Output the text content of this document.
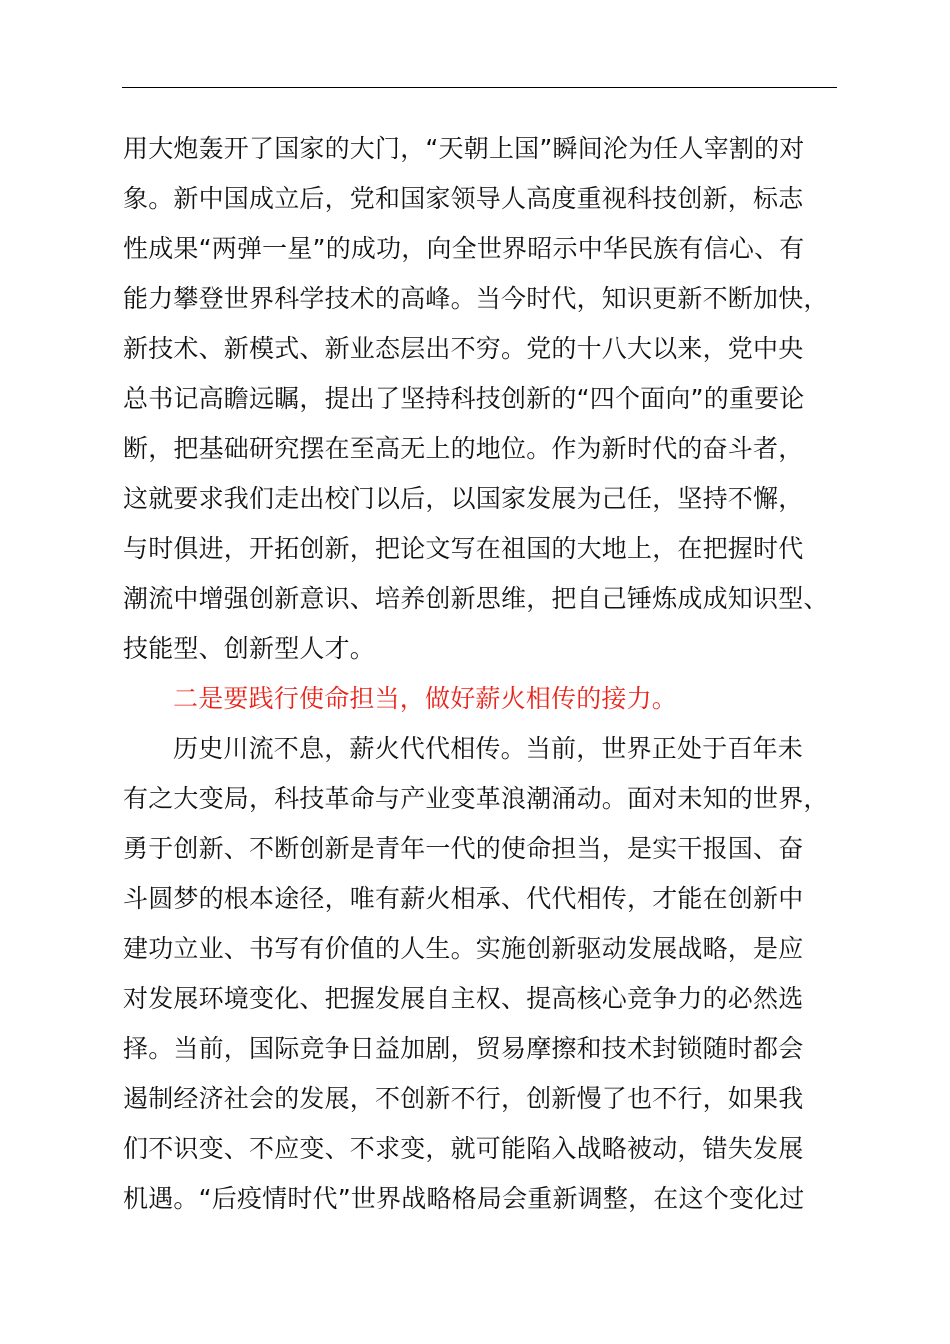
用大炮轰开了国家的大门，“天朝上国”瞬间沦为任人宰割的对
象。新中国成立后，党和国家领导人高度重视科技创新，标志
性成果“两弹一星”的成功，向全世界昭示中华民族有信心、有
能力攀登世界科学技术的高峰。当今时代，知识更新不断加快，
新技术、新模式、新业态层出不穷。党的十八大以来，党中央
总书记高瞻远瞩，提出了坚持科技创新的“四个面向”的重要论
断，把基础研究摆在至高无上的地位。作为新时代的奋斗者，
这就要求我们走出校门以后，以国家发展为己任，坚持不懈，
与时俱进，开拓创新，把论文写在祖国的大地上，在把握时代
潮流中增强创新意识、培养创新思维，把自己锤炼成成知识型、
技能型、创新型人才。
二是要践行使命担当，做好薪火相传的接力。
历史川流不息，薪火代代相传。当前，世界正处于百年未
有之大变局，科技革命与产业变革浪潮涌动。面对未知的世界，
勇于创新、不断创新是青年一代的使命担当，是实干报国、奋
斗圆梦的根本途径，唯有薪火相承、代代相传，才能在创新中
建功立业、书写有价值的人生。实施创新驱动发展战略，是应
对发展环境变化、把握发展自主权、提高核心竞争力的必然选
择。当前，国际竞争日益加剧，贸易摩擦和技术封锁随时都会
遏制经济社会的发展，不创新不行，创新慢了也不行，如果我
们不识变、不应变、不求变，就可能陷入战略被动，错失发展
机遇。“后疫情时代”世界战略格局会重新调整，在这个变化过
